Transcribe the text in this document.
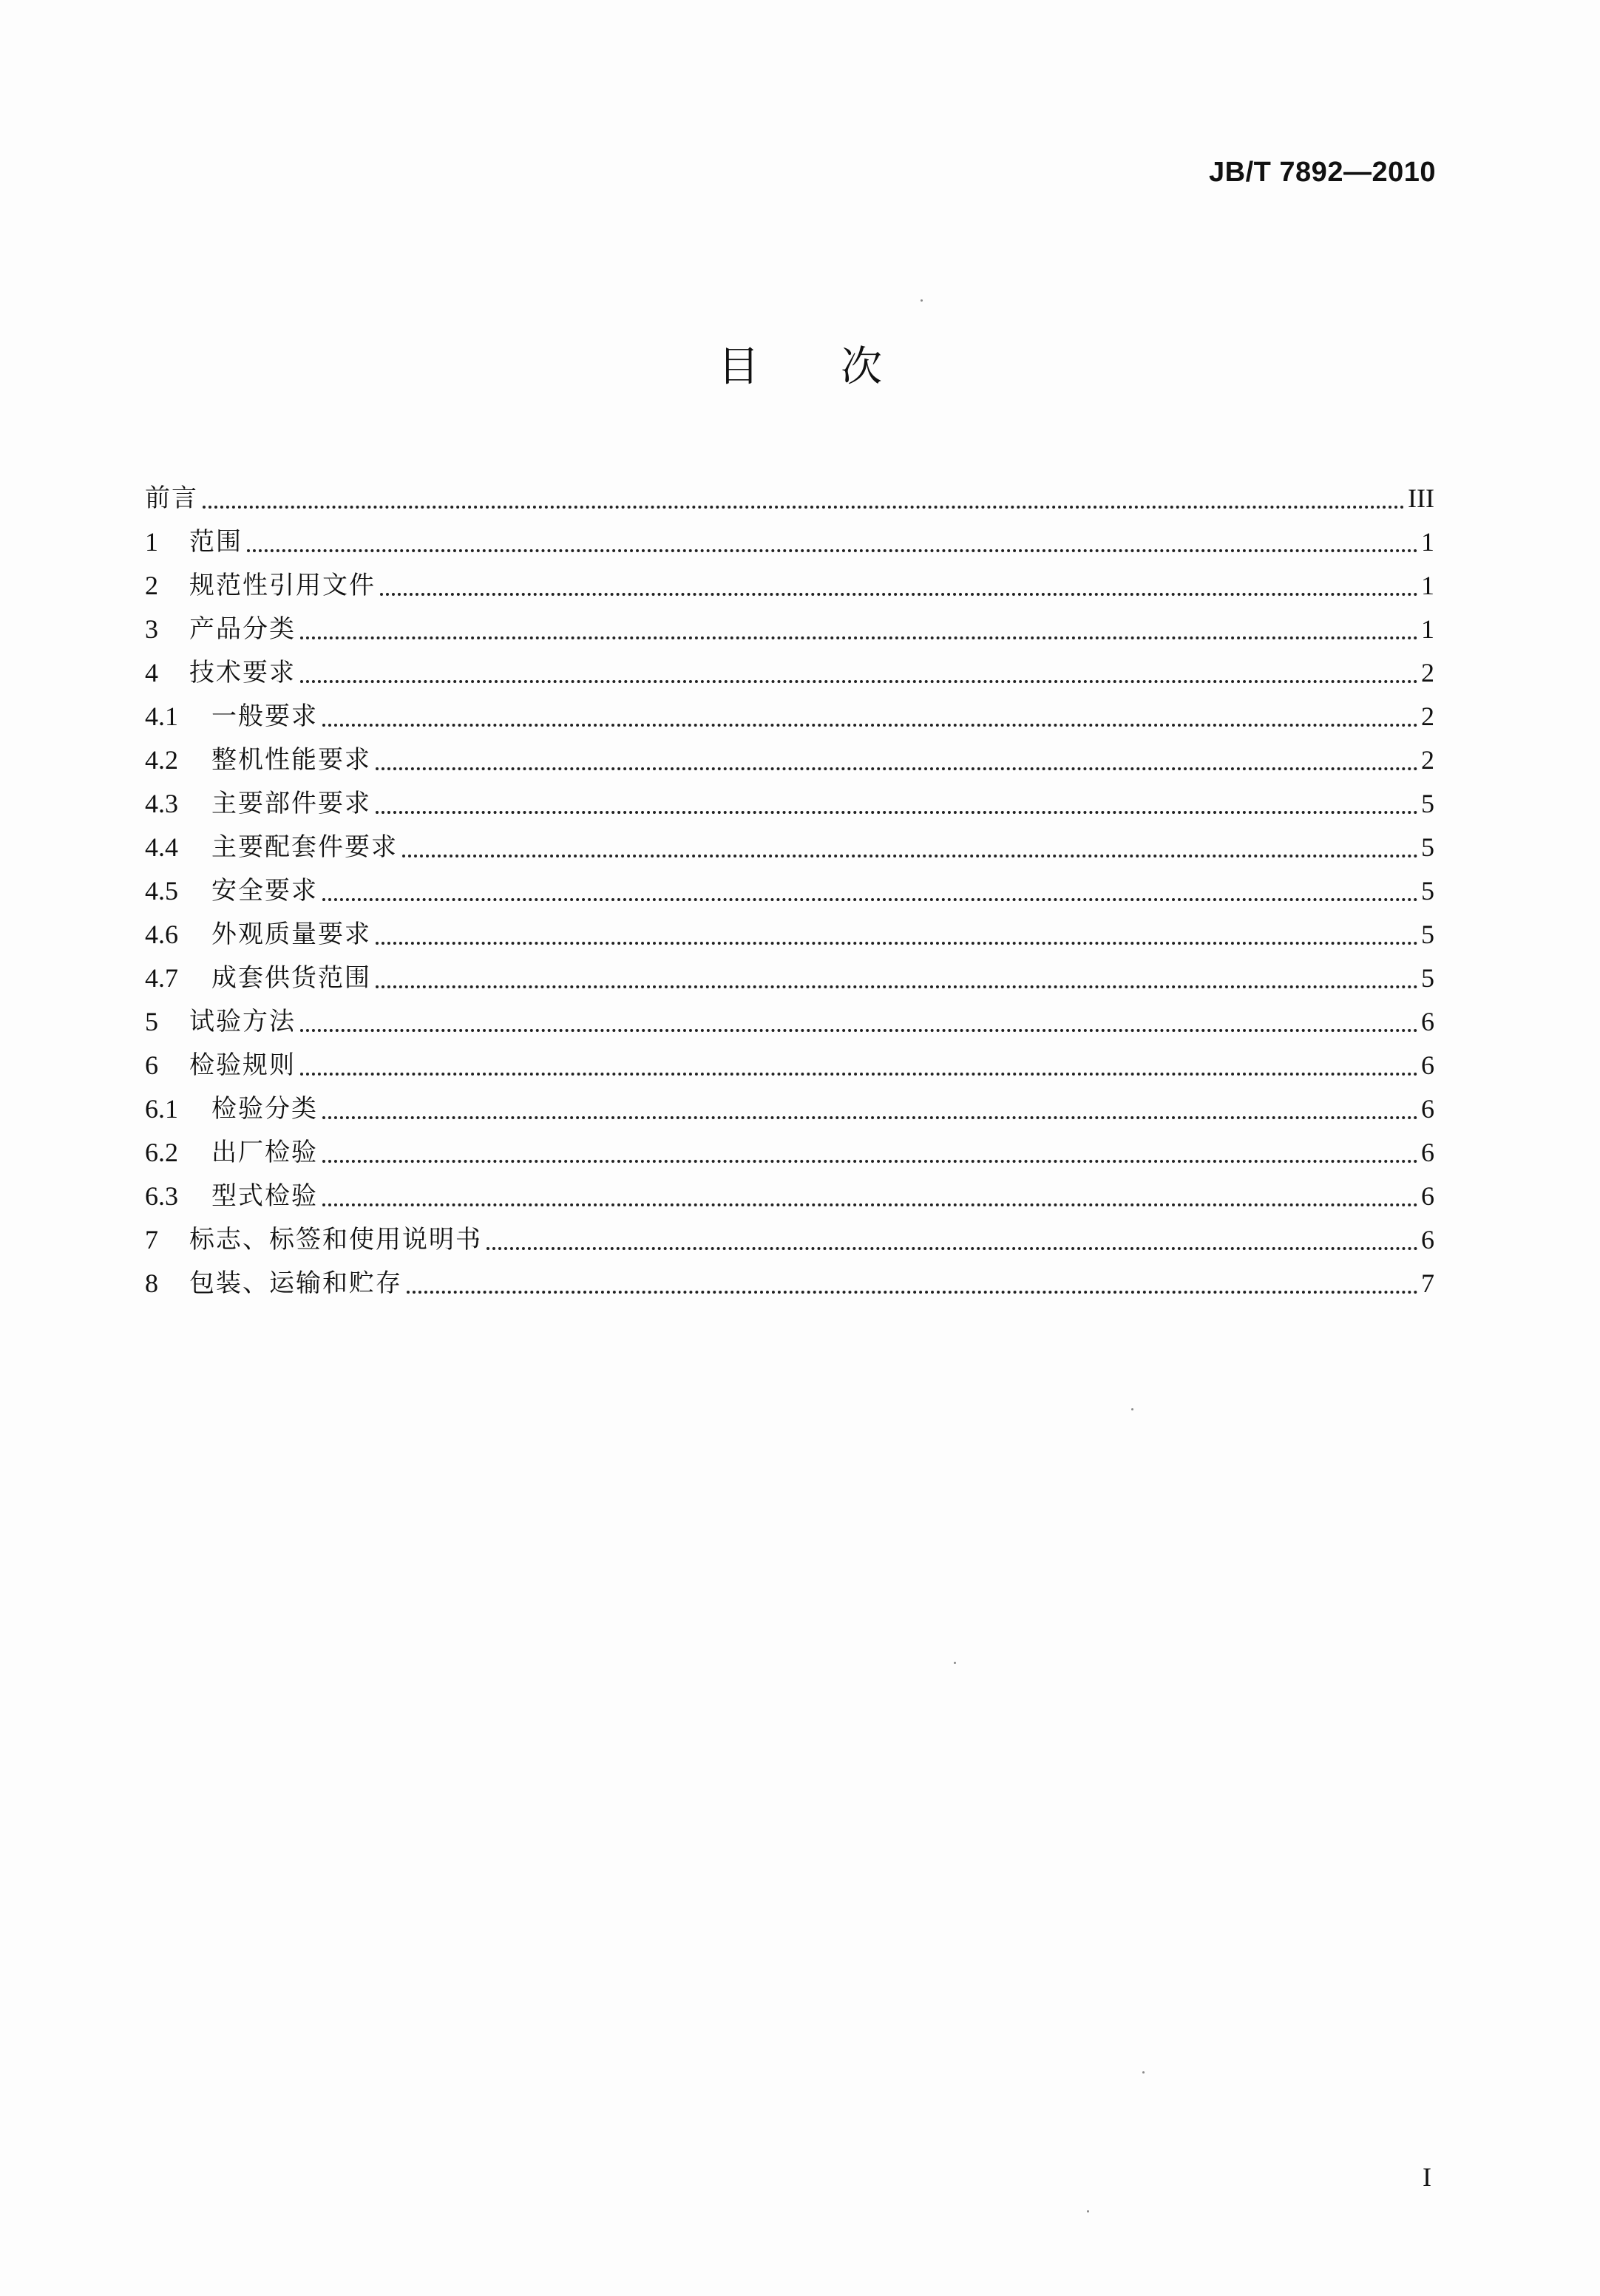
JB/T 7892—2010
目次
前言	III
1	范围	1
2	规范性引用文件	1
3	产品分类	1
4	技术要求	2
4.1	一般要求	2
4.2	整机性能要求	2
4.3	主要部件要求	5
4.4	主要配套件要求	5
4.5	安全要求	5
4.6	外观质量要求	5
4.7	成套供货范围	5
5	试验方法	6
6	检验规则	6
6.1	检验分类	6
6.2	出厂检验	6
6.3	型式检验	6
7	标志、标签和使用说明书	6
8	包装、运输和贮存	7
I
